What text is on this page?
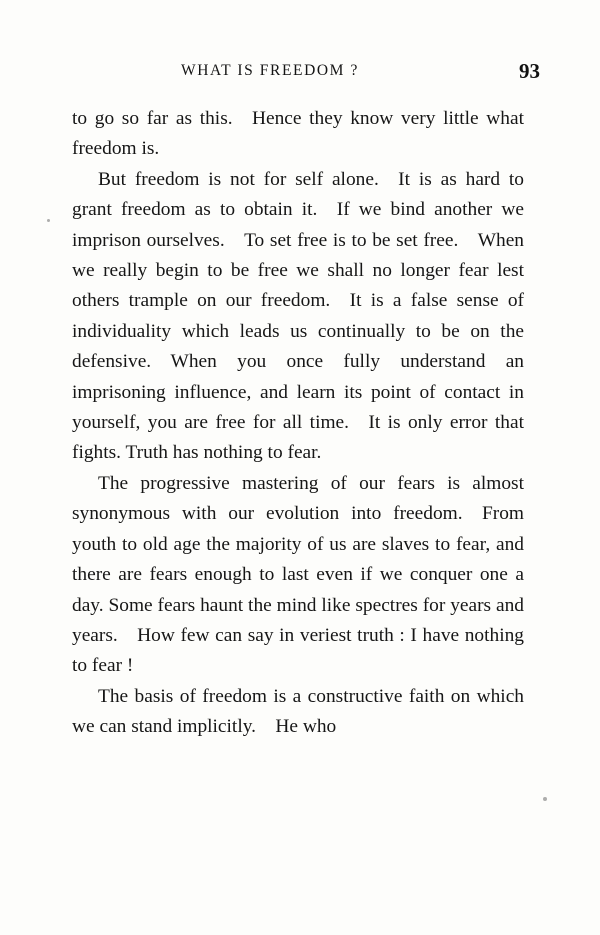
WHAT IS FREEDOM ?	93

to go so far as this. Hence they know very little what freedom is.

But freedom is not for self alone. It is as hard to grant freedom as to obtain it. If we bind another we imprison ourselves. To set free is to be set free. When we really begin to be free we shall no longer fear lest others trample on our freedom. It is a false sense of individuality which leads us continually to be on the defensive. When you once fully understand an imprisoning influence, and learn its point of contact in yourself, you are free for all time. It is only error that fights. Truth has nothing to fear.

The progressive mastering of our fears is almost synonymous with our evolution into freedom. From youth to old age the majority of us are slaves to fear, and there are fears enough to last even if we conquer one a day. Some fears haunt the mind like spectres for years and years. How few can say in veriest truth : I have nothing to fear !

The basis of freedom is a constructive faith on which we can stand implicitly. He who
